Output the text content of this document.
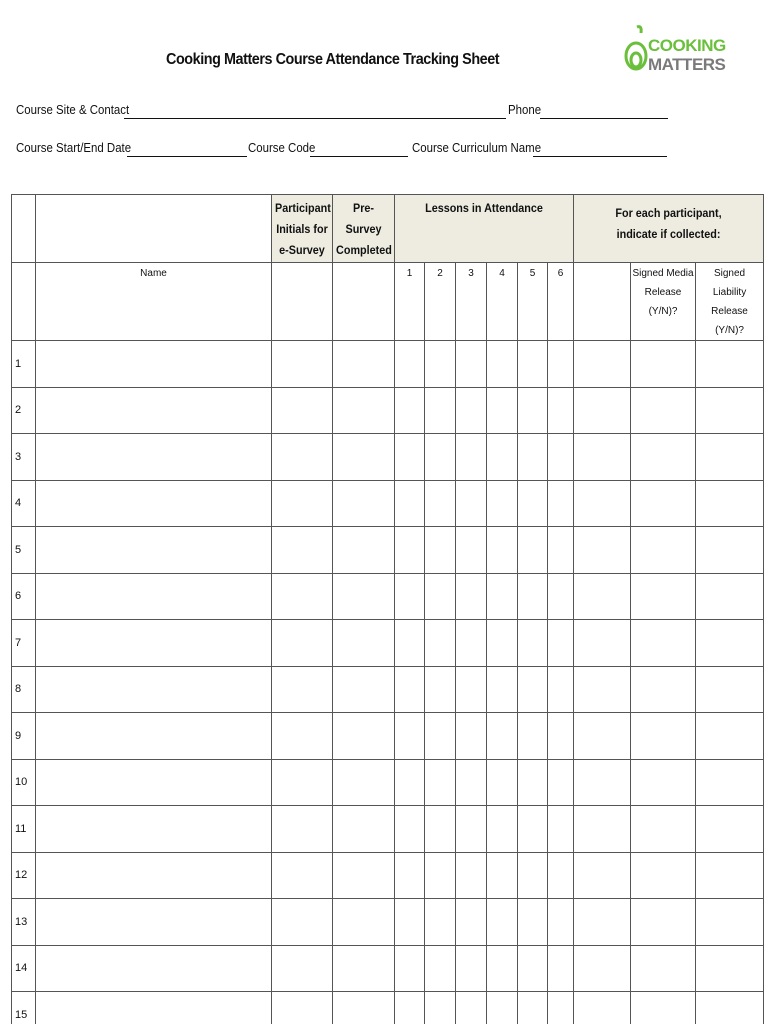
Cooking Matters Course Attendance Tracking Sheet
COOKING
MATTERS
Course Site & Contact	Phone
Course Start/End Date	Course Code	Course Curriculum Name

		Participant Initials for e-Survey	Pre-Survey Completed	Lessons in Attendance						For each participant, indicate if collected:		

	Name			1	2	3	4	5	6		Signed Media Release (Y/N)?	Signed Liability Release (Y/N)?

1												
2												
3												
4												
5												
6												
7												
8												
9												
10												
11												
12												
13												
14												
15												
